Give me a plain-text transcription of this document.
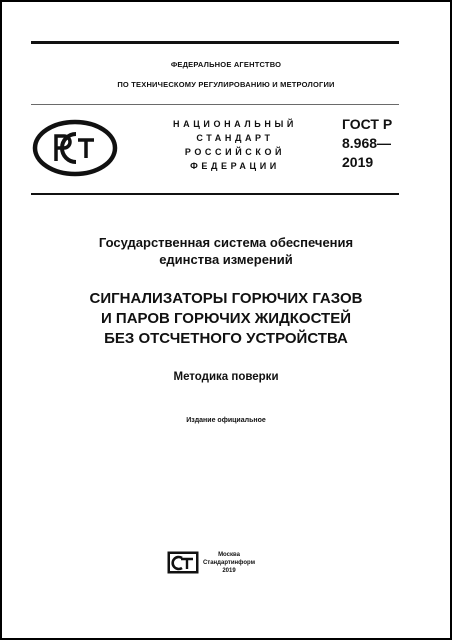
ФЕДЕРАЛЬНОЕ АГЕНТСТВО
ПО ТЕХНИЧЕСКОМУ РЕГУЛИРОВАНИЮ И МЕТРОЛОГИИ
НАЦИОНАЛЬНЫЙ
СТАНДАРТ
РОССИЙСКОЙ
ФЕДЕРАЦИИ
ГОСТ Р
8.968—
2019
Государственная система обеспечения
единства измерений
СИГНАЛИЗАТОРЫ ГОРЮЧИХ ГАЗОВ
И ПАРОВ ГОРЮЧИХ ЖИДКОСТЕЙ
БЕЗ ОТСЧЕТНОГО УСТРОЙСТВА
Методика поверки
Издание официальное
Москва
Стандартинформ
2019
